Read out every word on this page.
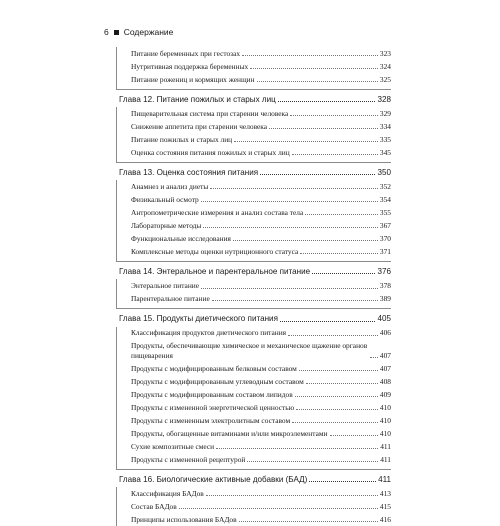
6 Содержание
Питание беременных при гестозах	323
Нутритивная поддержка беременных	324
Питание рожениц и кормящих женщин	325
Глава 12. Питание пожилых и старых лиц	328
Пищеварительная система при старении человека	329
Снижение аппетита при старении человека	334
Питание пожилых и старых лиц	335
Оценка состояния питания пожилых и старых лиц	345
Глава 13. Оценка состояния питания	350
Анамнез и анализ диеты	352
Физикальный осмотр	354
Антропометрические измерения и анализ состава тела	355
Лабораторные методы	367
Функциональные исследования	370
Комплексные методы оценки нутриционного статуса	371
Глава 14. Энтеральное и парентеральное питание	376
Энтеральное питание	378
Парентеральное питание	389
Глава 15. Продукты диетического питания	405
Классификация продуктов диетического питания	406
Продукты, обеспечивающие химическое и механическое щажение органов пищеварения	407
Продукты с модифицированным белковым составом	407
Продукты с модифицированным углеводным составом	408
Продукты с модифицированным составом липидов	409
Продукты с измененной энергетической ценностью	410
Продукты с измененным электролитным составом	410
Продукты, обогащенные витаминами и/или микроэлементами	410
Сухие композитные смеси	411
Продукты с измененной рецептурой	411
Глава 16. Биологические активные добавки (БАД)	411
Классификация БАДов	413
Состав БАДов	415
Принципы использования БАДов	416
